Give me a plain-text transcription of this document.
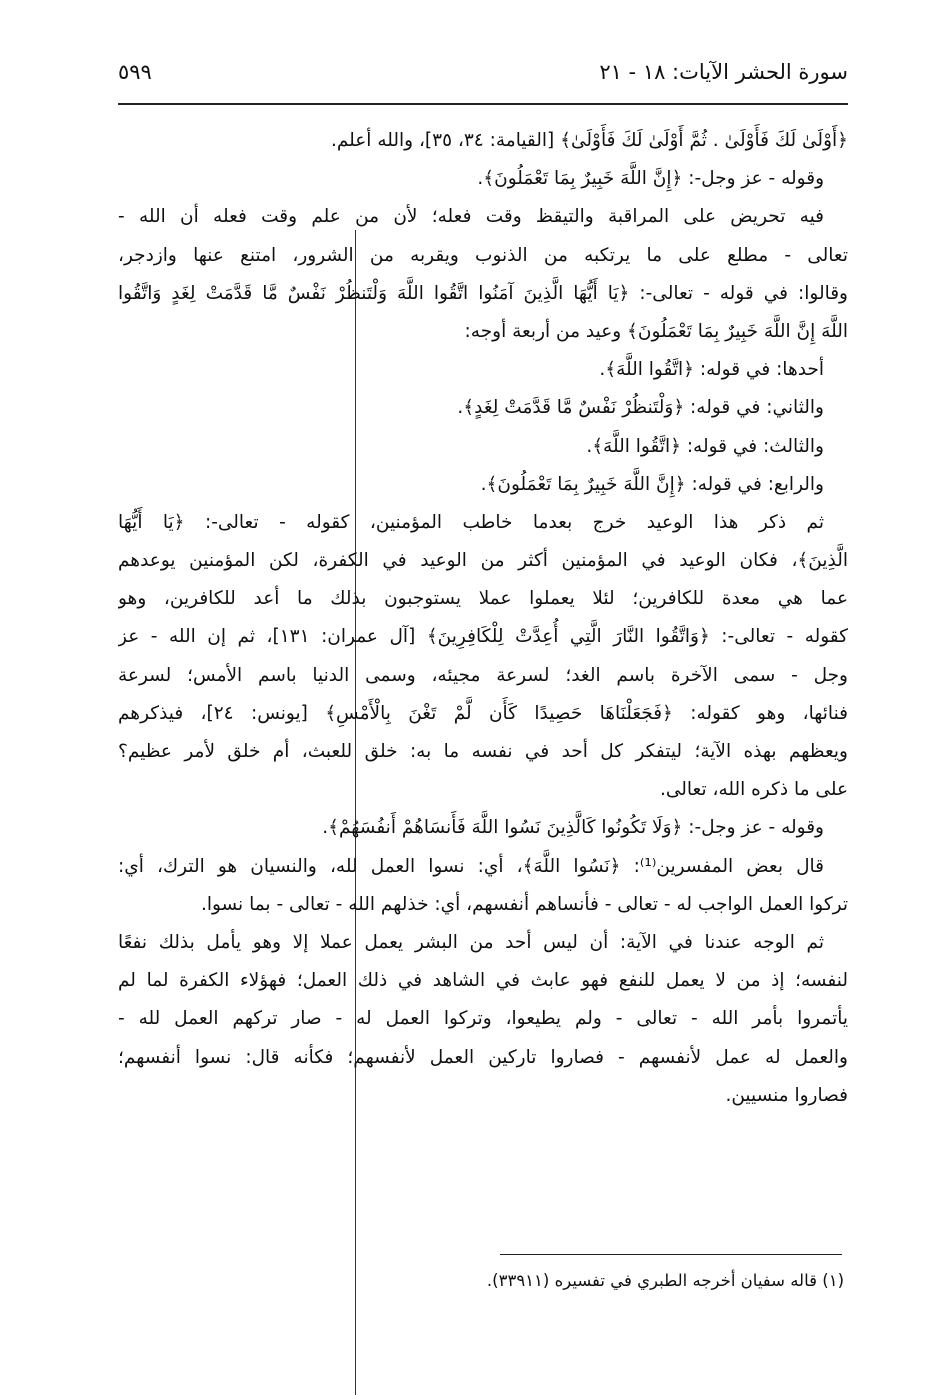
سورة الحشر الآيات: ١٨ - ٢١
٥٩٩
﴿أَوْلَىٰ لَكَ فَأَوْلَىٰ . ثُمَّ أَوْلَىٰ لَكَ فَأَوْلَىٰ﴾ [القيامة: ٣٤، ٣٥]، والله أعلم.
وقوله - عز وجل-: ﴿إِنَّ اللَّهَ خَبِيرٌ بِمَا تَعْمَلُونَ﴾.
فيه تحريض على المراقبة والتيقظ وقت فعله؛ لأن من علم وقت فعله أن الله -
تعالى - مطلع على ما يرتكبه من الذنوب ويقربه من الشرور، امتنع عنها وازدجر،
وقالوا: في قوله - تعالى-: ﴿يَا أَيُّهَا الَّذِينَ آمَنُوا اتَّقُوا اللَّهَ وَلْتَنظُرْ نَفْسٌ مَّا قَدَّمَتْ لِغَدٍ وَاتَّقُوا
اللَّهَ إِنَّ اللَّهَ خَبِيرٌ بِمَا تَعْمَلُونَ﴾ وعيد من أربعة أوجه:
أحدها: في قوله: ﴿اتَّقُوا اللَّهَ﴾.
والثاني: في قوله: ﴿وَلْتَنظُرْ نَفْسٌ مَّا قَدَّمَتْ لِغَدٍ﴾.
والثالث: في قوله: ﴿اتَّقُوا اللَّهَ﴾.
والرابع: في قوله: ﴿إِنَّ اللَّهَ خَبِيرٌ بِمَا تَعْمَلُونَ﴾.
ثم ذكر هذا الوعيد خرج بعدما خاطب المؤمنين، كقوله - تعالى-: ﴿يَا أَيُّهَا
الَّذِينَ﴾، فكان الوعيد في المؤمنين أكثر من الوعيد في الكفرة، لكن المؤمنين يوعدهم
عما هي معدة للكافرين؛ لئلا يعملوا عملا يستوجبون بذلك ما أعد للكافرين، وهو
كقوله - تعالى-: ﴿وَاتَّقُوا النَّارَ الَّتِي أُعِدَّتْ لِلْكَافِرِينَ﴾ [آل عمران: ١٣١]، ثم إن الله - عز
وجل - سمى الآخرة باسم الغد؛ لسرعة مجيئه، وسمى الدنيا باسم الأمس؛ لسرعة
فنائها، وهو كقوله: ﴿فَجَعَلْنَاهَا حَصِيدًا كَأَن لَّمْ تَغْنَ بِالْأَمْسِ﴾ [يونس: ٢٤]، فيذكرهم
ويعظهم بهذه الآية؛ ليتفكر كل أحد في نفسه ما به: خلق للعبث، أم خلق لأمر عظيم؟
على ما ذكره الله، تعالى.
وقوله - عز وجل-: ﴿وَلَا تَكُونُوا كَالَّذِينَ نَسُوا اللَّهَ فَأَنسَاهُمْ أَنفُسَهُمْ﴾.
قال بعض المفسرين⁽¹⁾: ﴿نَسُوا اللَّهَ﴾، أي: نسوا العمل لله، والنسيان هو الترك، أي:
تركوا العمل الواجب له - تعالى - فأنساهم أنفسهم، أي: خذلهم الله - تعالى - بما نسوا.
ثم الوجه عندنا في الآية: أن ليس أحد من البشر يعمل عملا إلا وهو يأمل بذلك نفعًا
لنفسه؛ إذ من لا يعمل للنفع فهو عابث في الشاهد في ذلك العمل؛ فهؤلاء الكفرة لما لم
يأتمروا بأمر الله - تعالى - ولم يطيعوا، وتركوا العمل له - صار تركهم العمل لله -
والعمل له عمل لأنفسهم - فصاروا تاركين العمل لأنفسهم؛ فكأنه قال: نسوا أنفسهم؛
فصاروا منسيين.
(١) قاله سفيان أخرجه الطبري في تفسيره (٣٣٩١١).
